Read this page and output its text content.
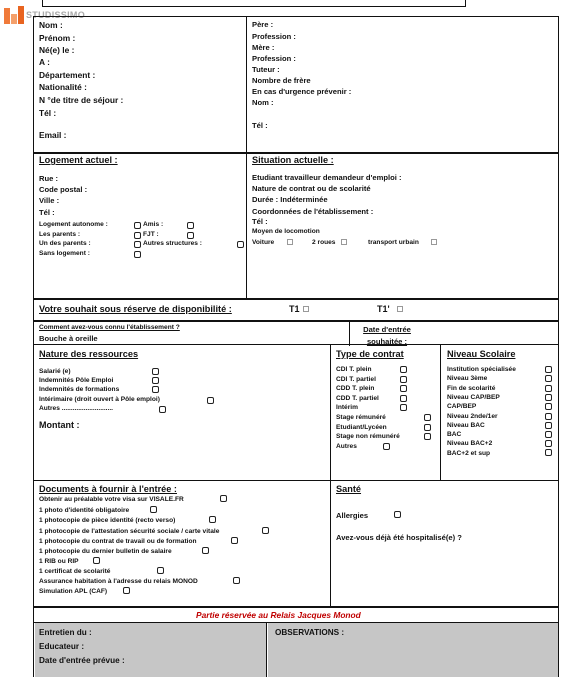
STUDISSIMO
Nom :
Prénom :
Né(e) le :
A :
Département :
Nationalité :
N °de titre de séjour :
Tél :
Email :
Père :
Profession :
Mère :
Profession :
Tuteur :
Nombre de frère
En cas d'urgence prévenir :
Nom :
Tél :
Logement actuel :
Rue :
Code postal :
Ville :
Tél :
Logement autonome :	Amis :
Les parents :	FJT :
Un des parents :	Autres structures :
Sans logement :
Situation actuelle :
Etudiant travailleur demandeur d'emploi :
Nature de contrat ou de scolarité
Durée : Indéterminée
Coordonnées de l'établissement :
Tél :
Moyen de locomotion
Voiture	2 roues	transport urbain
Votre souhait sous réserve de disponibilité :	T1	T1'
Comment avez-vous connu l'établissement ?
Bouche à oreille
Date d'entrée souhaitée :
Nature des ressources	Type de contrat	Niveau Scolaire
Salarié (e)
Indemnités Pôle Emploi
Indemnités de formations
Intérimaire (droit ouvert à Pôle emploi)
Autres ............................
Montant :
CDI T. plein
CDI T. partiel
CDD T. plein
CDD T. partiel
Intérim
Stage rémunéré
Etudiant/Lycéen
Stage non rémunéré
Autres
Institution spécialisée
Niveau 3ème
Fin de scolarité
Niveau CAP/BEP
CAP/BEP
Niveau 2nde/1er
Niveau BAC
BAC
Niveau BAC+2
BAC+2 et sup
Documents à fournir à l'entrée :
Obtenir au préalable votre visa sur VISALE.FR
1 photo d'identité obligatoire
1 photocopie de pièce identité (recto verso)
1 photocopie de l'attestation sécurité sociale / carte vitale
1 photocopie du contrat de travail ou de formation
1 photocopie du dernier bulletin de salaire
1 RIB ou RIP
1 certificat de scolarité
Assurance habitation à l'adresse du relais MONOD
Simulation APL (CAF)
Santé
Allergies
Avez-vous déjà été hospitalisé(e) ?
Partie réservée au Relais Jacques Monod
Entretien du :
Educateur :
Date d'entrée prévue :
OBSERVATIONS :
